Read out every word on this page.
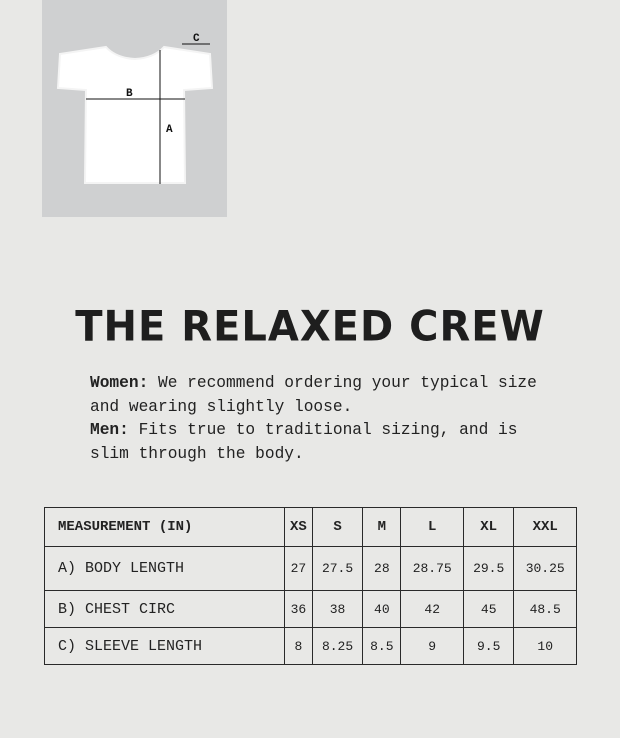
A
B
C
THE RELAXED CREW

Women: We recommend ordering your typical size and wearing slightly loose.

Men: Fits true to traditional sizing, and is slim through the body.

MEASUREMENT (IN)	XS	S	M	L	XL	XXL
A) BODY LENGTH	27	27.5	28	28.75	29.5	30.25
B) CHEST CIRC	36	38	40	42	45	48.5
C) SLEEVE LENGTH	8	8.25	8.5	9	9.5	10
